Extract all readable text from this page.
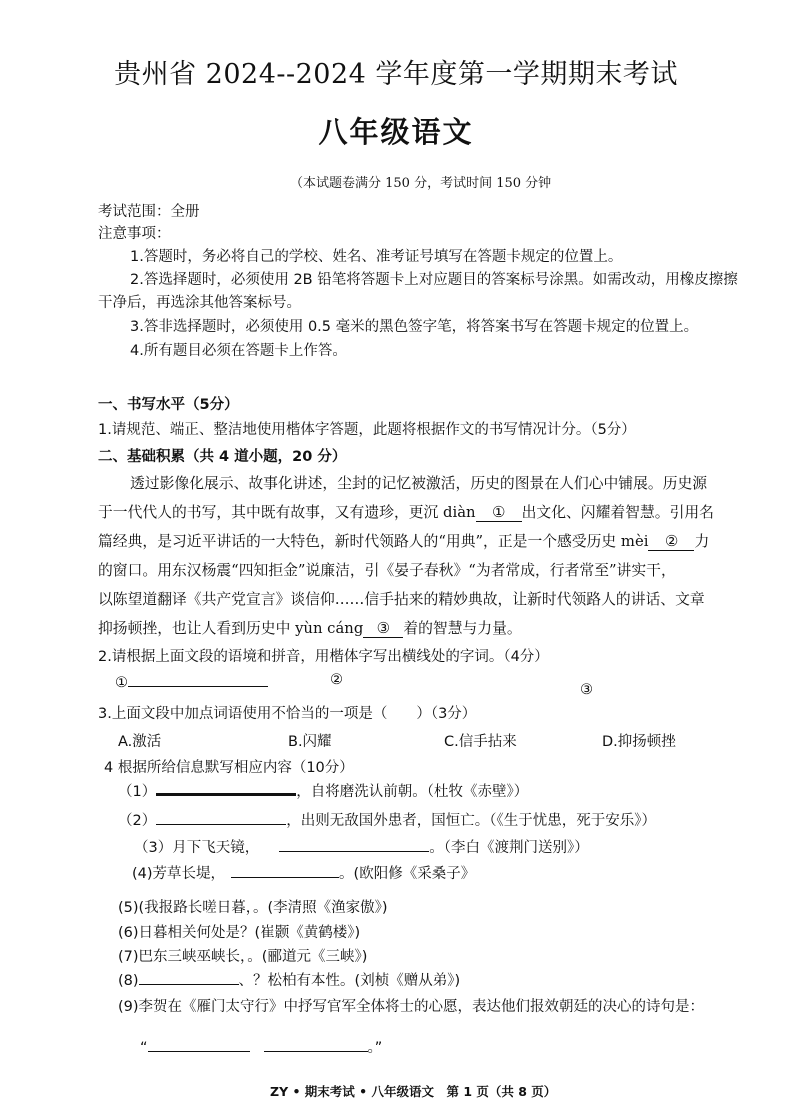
贵州省 2024--2024 学年度第一学期期末考试
八年级语文
（本试题卷满分 150 分，考试时间 150 分钟
考试范围：全册
注意事项：
1.答题时，务必将自己的学校、姓名、准考证号填写在答题卡规定的位置上。
2.答选择题时，必须使用 2B 铅笔将答题卡上对应题目的答案标号涂黑。如需改动，用橡皮擦擦
干净后，再选涂其他答案标号。
3.答非选择题时，必须使用 0.5 毫米的黑色签字笔，将答案书写在答题卡规定的位置上。
4.所有题目必须在答题卡上作答。
一、书写水平（5分）
1.请规范、端正、整洁地使用楷体字答题，此题将根据作文的书写情况计分。（5分）
二、基础积累（共 4 道小题，20 分）
透过影像化展示、故事化讲述，尘封的记忆被激活，历史的图景在人们心中铺展。历史源
于一代代人的书写，其中既有故事，又有遗珍，更沉 diàn ① 出文化、闪耀着智慧。引用名
篇经典，是习近平讲话的一大特色，新时代领路人的“用典”，正是一个感受历史 mèi ② 力
的窗口。用东汉杨震“四知拒金”说廉洁，引《晏子春秋》“为者常成，行者常至”讲实干，
以陈望道翻译《共产党宣言》谈信仰……信手拈来的精妙典故，让新时代领路人的讲话、文章
抑扬顿挫，也让人看到历史中 yùn cáng ③ 着的智慧与力量。
2.请根据上面文段的语境和拼音，用楷体字写出横线处的字词。（4分）
①	②
③
3.上面文段中加点词语使用不恰当的一项是（　　）（3分）
A.激活	B.闪耀	C.信手拈来	D.抑扬顿挫
4 根据所给信息默写相应内容（10分）
（1）	，自将磨洗认前朝。（杜牧《赤壁》）
（2）	，出则无敌国外患者，国恒亡。（《生于忧患，死于安乐》）
（3）月下飞天镜，	。（李白《渡荆门送别》）
(4)芳草长堤，	。(欧阳修《采桑子》
(5)(我报路长嗟日暮，。(李清照《渔家傲》)
(6)日暮相关何处是？(崔颢《黄鹤楼》)
(7)巴东三峡巫峡长，。(郦道元《三峡》)
(8)	、？松柏有本性。(刘桢《赠从弟》)
(9)李贺在《雁门太守行》中抒写官军全体将士的心愿，表达他们报效朝廷的决心的诗句是：
“	。”
ZY • 期末考试 • 八年级语文　第 1 页（共 8 页）
